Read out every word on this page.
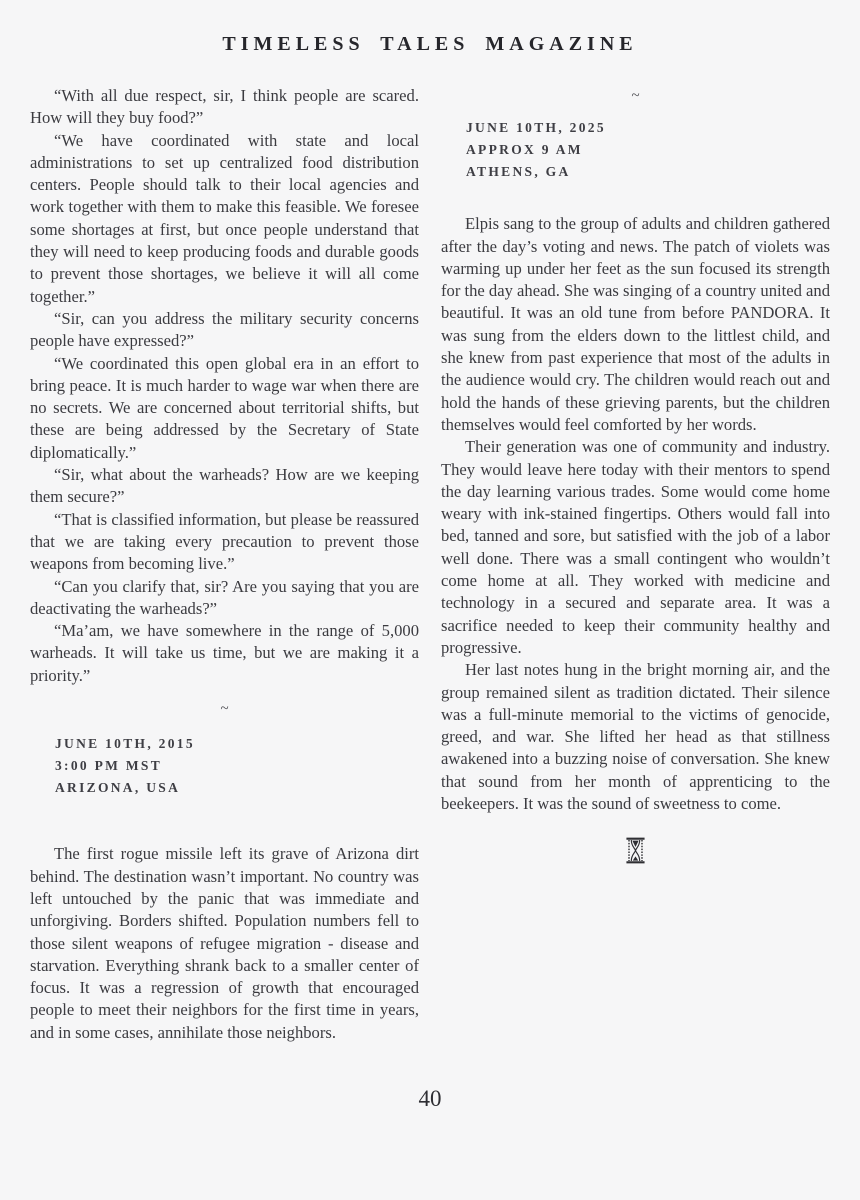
TIMELESS TALES MAGAZINE

“With all due respect, sir, I think people are scared. How will they buy food?”

“We have coordinated with state and local administrations to set up centralized food distribution centers. People should talk to their local agencies and work together with them to make this feasible. We foresee some shortages at first, but once people understand that they will need to keep producing foods and durable goods to prevent those shortages, we believe it will all come together.”

“Sir, can you address the military security concerns people have expressed?”

“We coordinated this open global era in an effort to bring peace. It is much harder to wage war when there are no secrets. We are concerned about territorial shifts, but these are being addressed by the Secretary of State diplomatically.”

“Sir, what about the warheads? How are we keeping them secure?”

“That is classified information, but please be reassured that we are taking every precaution to prevent those weapons from becoming live.”

“Can you clarify that, sir? Are you saying that you are deactivating the warheads?”

“Ma’am, we have somewhere in the range of 5,000 warheads. It will take us time, but we are making it a priority.”

~
JUNE 10TH, 2015
3:00 PM MST
ARIZONA, USA

The first rogue missile left its grave of Arizona dirt behind. The destination wasn’t important. No country was left untouched by the panic that was immediate and unforgiving. Borders shifted. Population numbers fell to those silent weapons of refugee migration - disease and starvation. Everything shrank back to a smaller center of focus. It was a regression of growth that encouraged people to meet their neighbors for the first time in years, and in some cases, annihilate those neighbors.

~
JUNE 10TH, 2025
APPROX 9 AM
ATHENS, GA

Elpis sang to the group of adults and children gathered after the day’s voting and news. The patch of violets was warming up under her feet as the sun focused its strength for the day ahead. She was singing of a country united and beautiful. It was an old tune from before PANDORA. It was sung from the elders down to the littlest child, and she knew from past experience that most of the adults in the audience would cry. The children would reach out and hold the hands of these grieving parents, but the children themselves would feel comforted by her words.

Their generation was one of community and industry. They would leave here today with their mentors to spend the day learning various trades. Some would come home weary with ink-stained fingertips. Others would fall into bed, tanned and sore, but satisfied with the job of a labor well done. There was a small contingent who wouldn’t come home at all. They worked with medicine and technology in a secured and separate area. It was a sacrifice needed to keep their community healthy and progressive.

Her last notes hung in the bright morning air, and the group remained silent as tradition dictated. Their silence was a full-minute memorial to the victims of genocide, greed, and war. She lifted her head as that stillness awakened into a buzzing noise of conversation. She knew that sound from her month of apprenticing to the beekeepers. It was the sound of sweetness to come.

40
